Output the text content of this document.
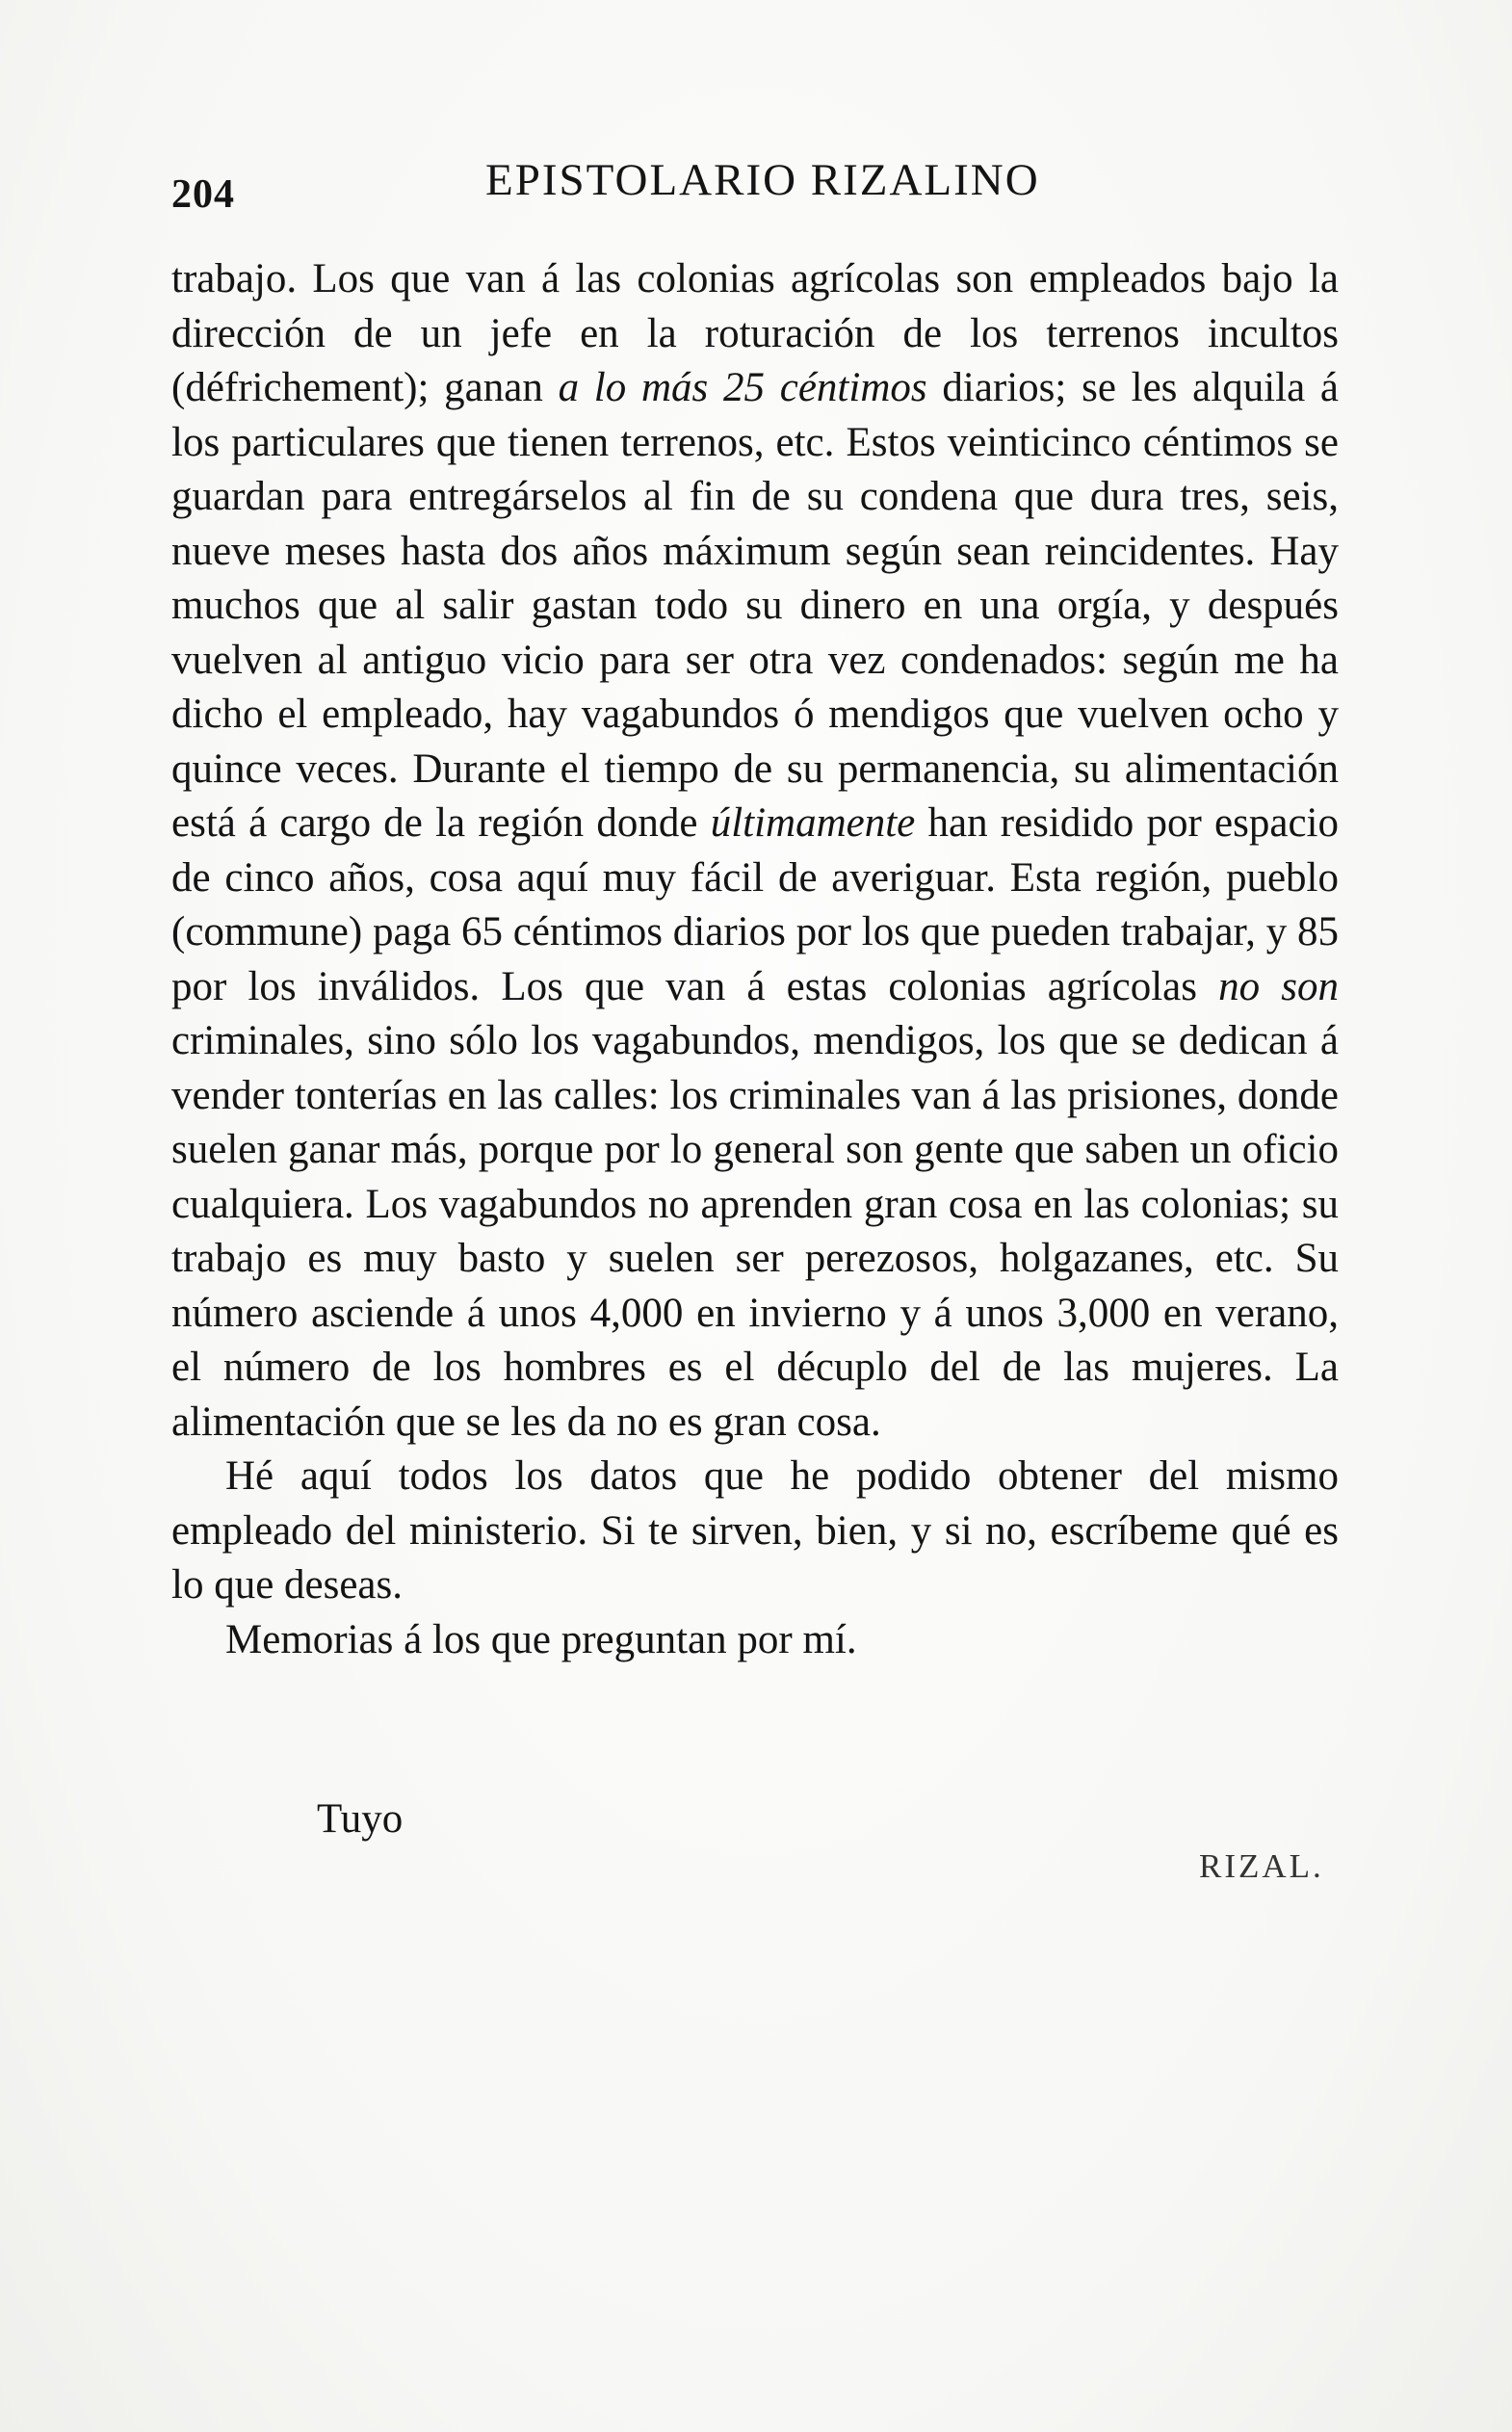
204	EPISTOLARIO RIZALINO

trabajo. Los que van á las colonias agrícolas son empleados bajo la dirección de un jefe en la roturación de los terrenos incultos (défrichement); ganan a lo más 25 céntimos diarios; se les alquila á los particulares que tienen terrenos, etc. Estos veinticinco céntimos se guardan para entregárselos al fin de su condena que dura tres, seis, nueve meses hasta dos años máximum según sean reincidentes. Hay muchos que al salir gastan todo su dinero en una orgía, y después vuelven al antiguo vicio para ser otra vez condenados: según me ha dicho el empleado, hay vagabundos ó mendigos que vuelven ocho y quince veces. Durante el tiempo de su permanencia, su alimentación está á cargo de la región donde últimamente han residido por espacio de cinco años, cosa aquí muy fácil de averiguar. Esta región, pueblo (commune) paga 65 céntimos diarios por los que pueden trabajar, y 85 por los inválidos. Los que van á estas colonias agrícolas no son criminales, sino sólo los vagabundos, mendigos, los que se dedican á vender tonterías en las calles: los criminales van á las prisiones, donde suelen ganar más, porque por lo general son gente que saben un oficio cualquiera. Los vagabundos no aprenden gran cosa en las colonias; su trabajo es muy basto y suelen ser perezosos, holgazanes, etc. Su número asciende á unos 4,000 en invierno y á unos 3,000 en verano, el número de los hombres es el décuplo del de las mujeres. La alimentación que se les da no es gran cosa.

Hé aquí todos los datos que he podido obtener del mismo empleado del ministerio. Si te sirven, bien, y si no, escríbeme qué es lo que deseas.

Memorias á los que preguntan por mí.

Tuyo
RIZAL.
